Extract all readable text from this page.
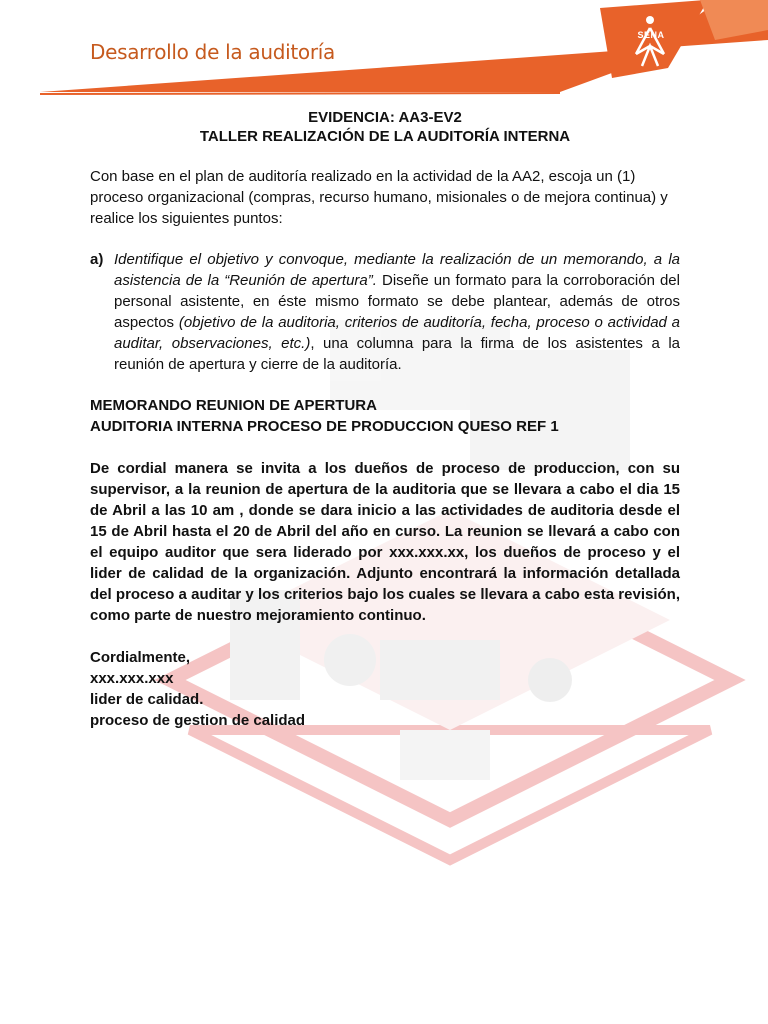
Desarrollo de la auditoría
SENA
EVIDENCIA: AA3-EV2
TALLER REALIZACIÓN DE LA AUDITORÍA INTERNA

Con base en el plan de auditoría realizado en la actividad de la AA2, escoja un (1) proceso organizacional (compras, recurso humano, misionales o de mejora continua) y realice los siguientes puntos:

a) Identifique el objetivo y convoque, mediante la realización de un memorando, a la asistencia de la “Reunión de apertura”. Diseñe un formato para la corroboración del personal asistente, en éste mismo formato se debe plantear, además de otros aspectos (objetivo de la auditoria, criterios de auditoría, fecha, proceso o actividad a auditar, observaciones, etc.), una columna para la firma de los asistentes a la reunión de apertura y cierre de la auditoría.
MEMORANDO REUNION DE APERTURA
AUDITORIA INTERNA PROCESO DE PRODUCCION QUESO REF 1

De cordial manera se invita a los dueños de proceso de produccion, con su supervisor, a la reunion de apertura de la auditoria que se llevara a cabo el dia 15 de Abril a las 10 am , donde se dara inicio a las actividades de auditoria desde el 15 de Abril hasta el 20 de Abril del año en curso. La reunion se llevará a cabo con el equipo auditor que sera liderado por xxx.xxx.xx, los dueños de proceso y el lider de calidad de la organización. Adjunto encontrará la información detallada del proceso a auditar y los criterios bajo los cuales se llevara a cabo esta revisión, como parte de nuestro mejoramiento continuo.

Cordialmente,
xxx.xxx.xxx
lider de calidad.
proceso de gestion de calidad
